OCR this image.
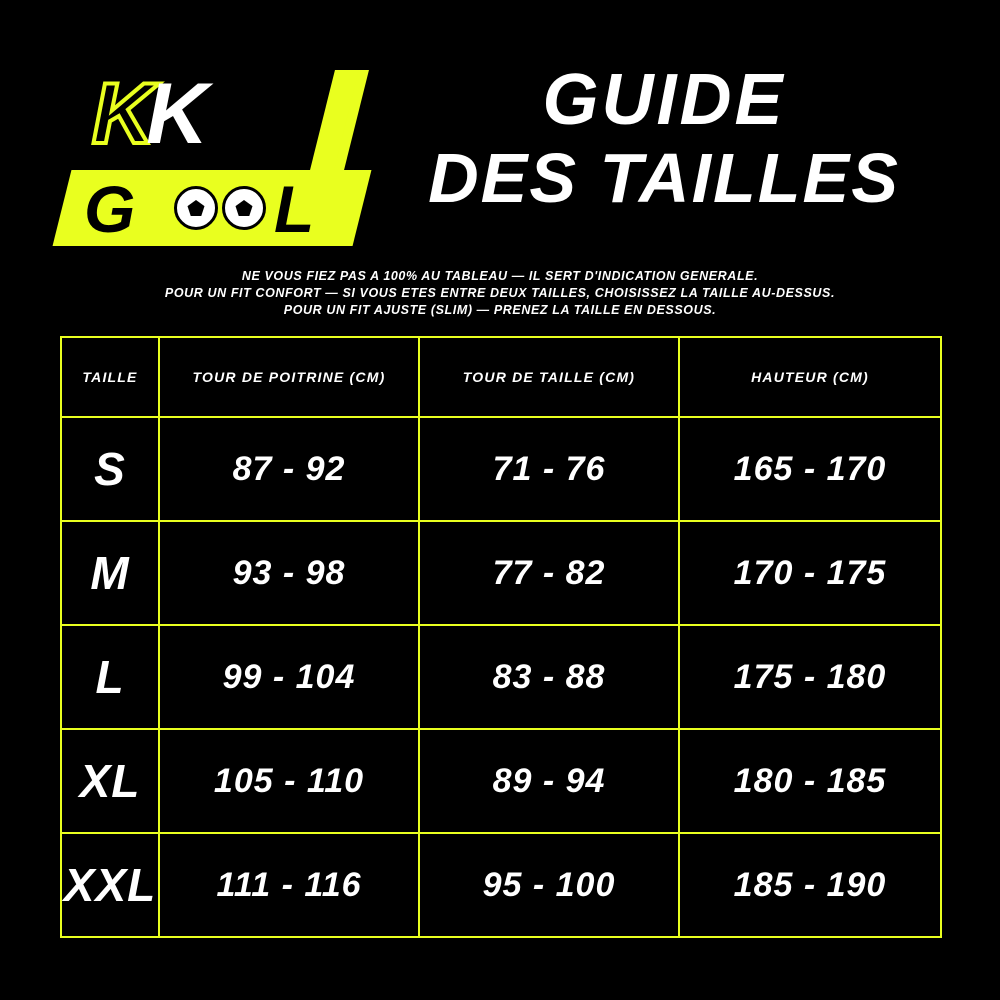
K
K
G	L
GUIDE
DES TAILLES
NE VOUS FIEZ PAS A 100% AU TABLEAU — IL SERT D'INDICATION GENERALE.
POUR UN FIT CONFORT — SI VOUS ETES ENTRE DEUX TAILLES, CHOISISSEZ LA TAILLE AU-DESSUS.
POUR UN FIT AJUSTE (SLIM) — PRENEZ LA TAILLE EN DESSOUS.
TAILLE	TOUR DE POITRINE (CM)	TOUR DE TAILLE (CM)	HAUTEUR (CM)
S	87 - 92	71 - 76	165 - 170
M	93 - 98	77 - 82	170 - 175
L	99 - 104	83 - 88	175 - 180
XL	105 - 110	89 - 94	180 - 185
XXL	111 - 116	95 - 100	185 - 190
